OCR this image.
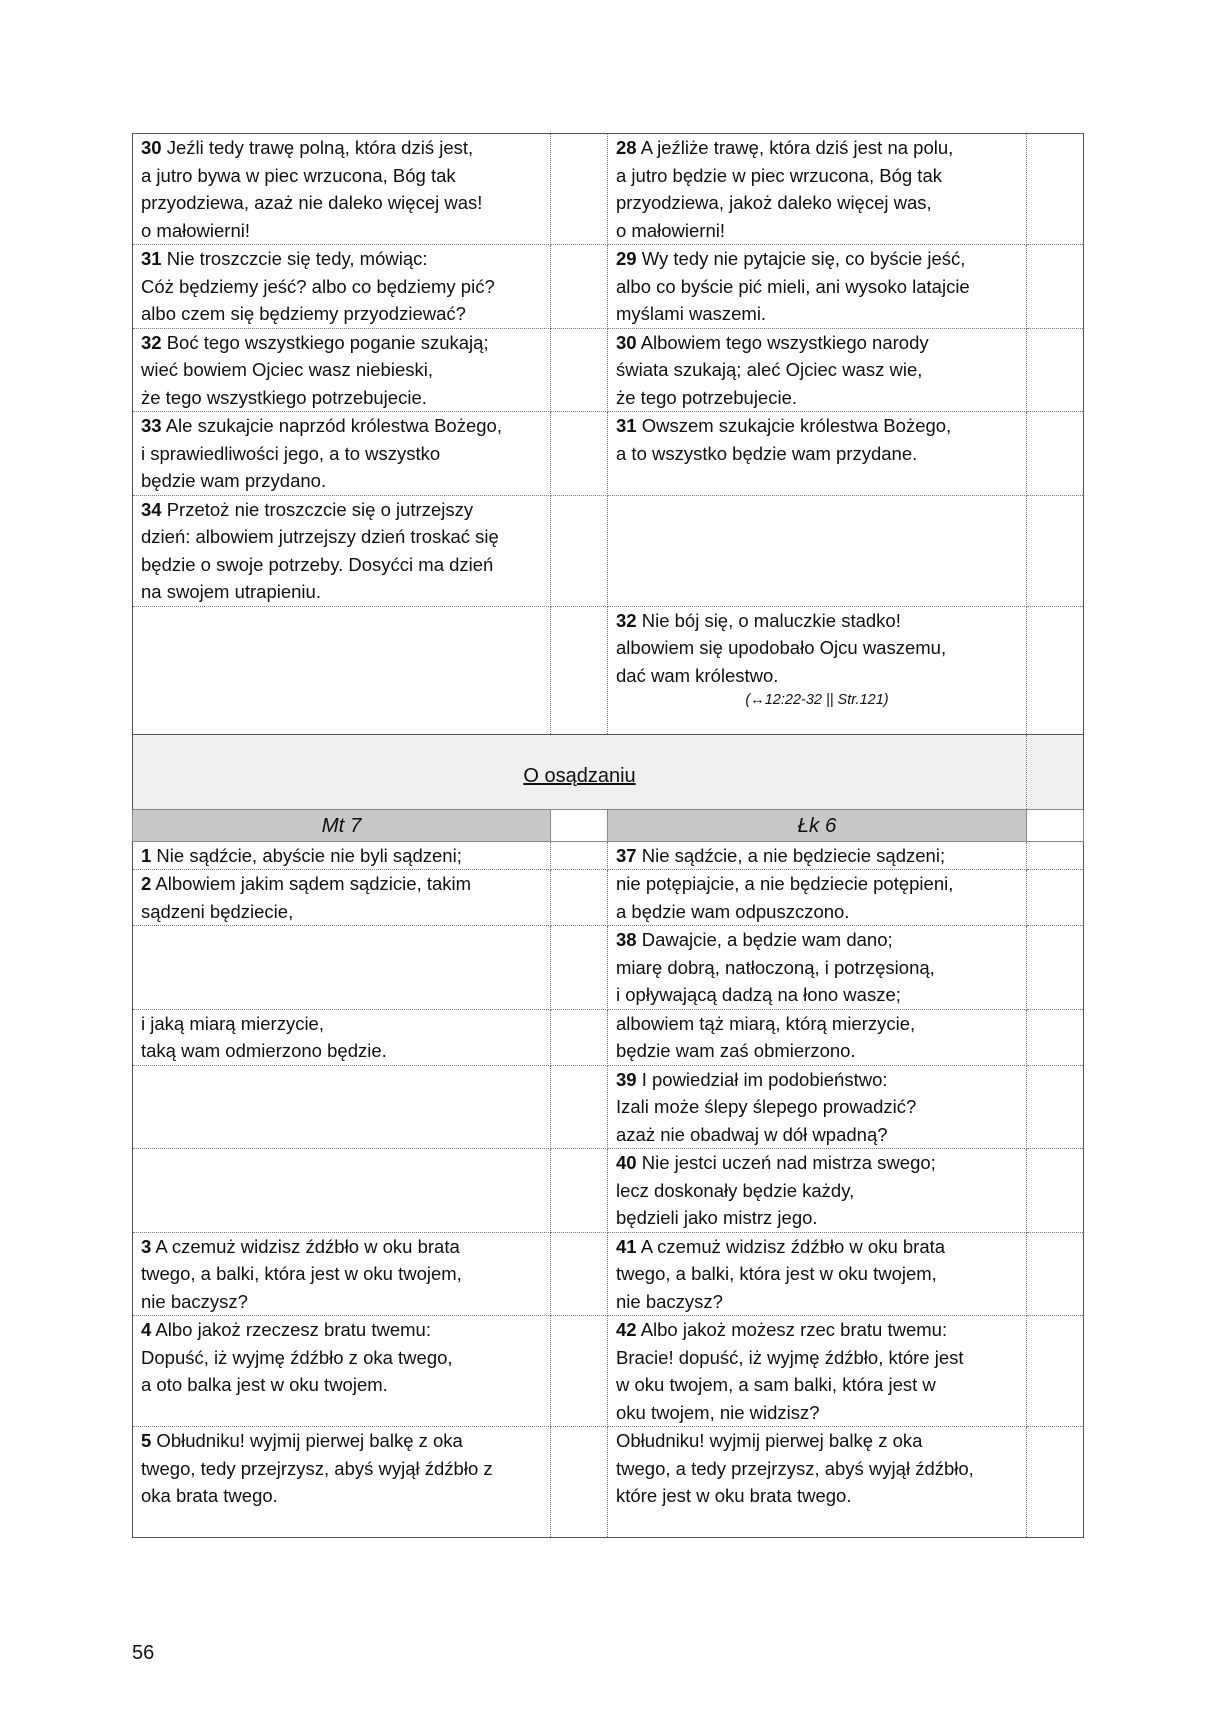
30 Jeźli tedy trawę polną, która dziś jest,
a jutro bywa w piec wrzucona, Bóg tak
przyodziewa, azaż nie daleko więcej was!
o małowierni!		28 A jeźliże trawę, która dziś jest na polu,
a jutro będzie w piec wrzucona, Bóg tak
przyodziewa, jakoż daleko więcej was,
o małowierni!	
31 Nie troszczcie się tedy, mówiąc:
Cóż będziemy jeść? albo co będziemy pić?
albo czem się będziemy przyodziewać?		29 Wy tedy nie pytajcie się, co byście jeść,
albo co byście pić mieli, ani wysoko latajcie
myślami waszemi.	
32 Boć tego wszystkiego poganie szukają;
wieć bowiem Ojciec wasz niebieski,
że tego wszystkiego potrzebujecie.		30 Albowiem tego wszystkiego narody
świata szukają; aleć Ojciec wasz wie,
że tego potrzebujecie.	
33 Ale szukajcie naprzód królestwa Bożego,
i sprawiedliwości jego, a to wszystko
będzie wam przydano.		31 Owszem szukajcie królestwa Bożego,
a to wszystko będzie wam przydane.	
34 Przetoż nie troszczcie się o jutrzejszy
dzień: albowiem jutrzejszy dzień troskać się
będzie o swoje potrzeby. Dosyćci ma dzień
na swojem utrapieniu.			
		32 Nie bój się, o maluczkie stadko!
albowiem się upodobało Ojcu waszemu,
dać wam królestwo.
(↔12:22-32 || Str.121)	

O osądzaniu			
Mt 7		Łk 6	
1 Nie sądźcie, abyście nie byli sądzeni;		37 Nie sądźcie, a nie będziecie sądzeni;	
2 Albowiem jakim sądem sądzicie, takim
sądzeni będziecie,		nie potępiajcie, a nie będziecie potępieni,
a będzie wam odpuszczono.	
		38 Dawajcie, a będzie wam dano;
miarę dobrą, natłoczoną, i potrzęsioną,
i opływającą dadzą na łono wasze;	
i jaką miarą mierzycie,
taką wam odmierzono będzie.		albowiem tąż miarą, którą mierzycie,
będzie wam zaś obmierzono.	
		39 I powiedział im podobieństwo:
Izali może ślepy ślepego prowadzić?
azaż nie obadwaj w dół wpadną?	
		40 Nie jestci uczeń nad mistrza swego;
lecz doskonały będzie każdy,
będzieli jako mistrz jego.	
3 A czemuż widzisz źdźbło w oku brata
twego, a balki, która jest w oku twojem,
nie baczysz?		41 A czemuż widzisz źdźbło w oku brata
twego, a balki, która jest w oku twojem,
nie baczysz?	
4 Albo jakoż rzeczesz bratu twemu:
Dopuść, iż wyjmę źdźbło z oka twego,
a oto balka jest w oku twojem.		42 Albo jakoż możesz rzec bratu twemu:
Bracie! dopuść, iż wyjmę źdźbło, które jest
w oku twojem, a sam balki, która jest w
oku twojem, nie widzisz?	
5 Obłudniku! wyjmij pierwej balkę z oka
twego, tedy przejrzysz, abyś wyjął źdźbło z
oka brata twego.		Obłudniku! wyjmij pierwej balkę z oka
twego, a tedy przejrzysz, abyś wyjął źdźbło,
które jest w oku brata twego.	
56
